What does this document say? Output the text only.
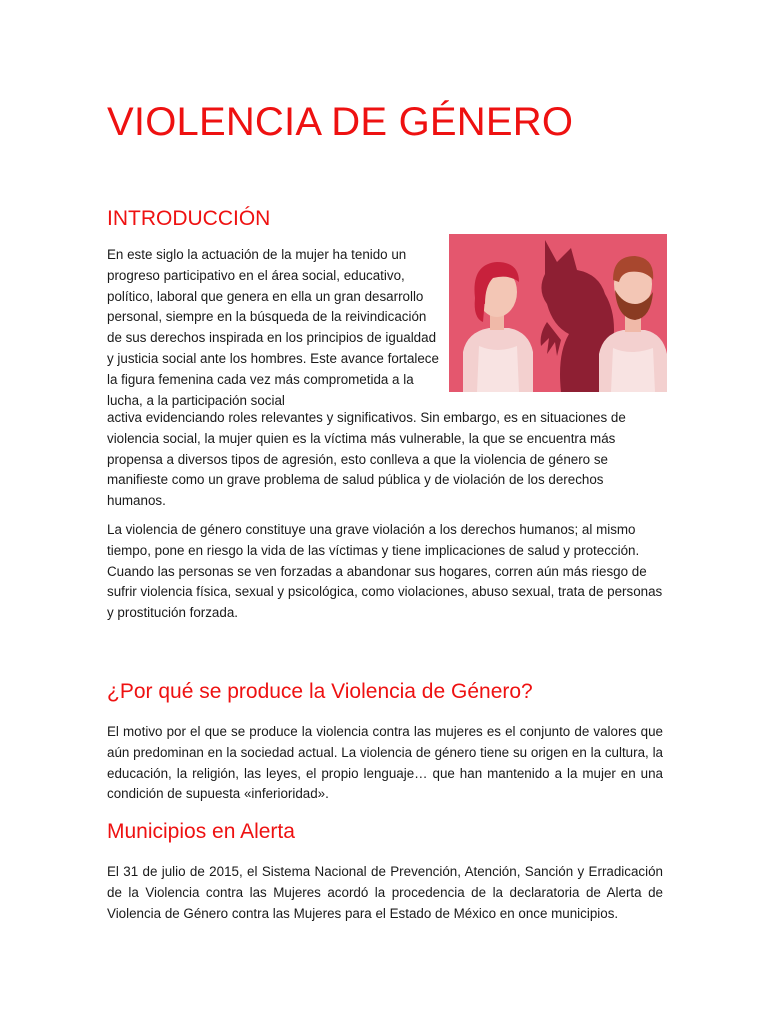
VIOLENCIA DE GÉNERO
INTRODUCCIÓN

En este siglo la actuación de la mujer ha tenido un progreso participativo en el área social, educativo, político, laboral que genera en ella un gran desarrollo personal, siempre en la búsqueda de la reivindicación de sus derechos inspirada en los principios de igualdad y justicia social ante los hombres. Este avance fortalece la figura femenina cada vez más comprometida a la lucha, a la participación social

activa evidenciando roles relevantes y significativos. Sin embargo, es en situaciones de violencia social, la mujer quien es la víctima más vulnerable, la que se encuentra más propensa a diversos tipos de agresión, esto conlleva a que la violencia de género se manifieste como un grave problema de salud pública y de violación de los derechos humanos.

La violencia de género constituye una grave violación a los derechos humanos; al mismo tiempo, pone en riesgo la vida de las víctimas y tiene implicaciones de salud y protección. Cuando las personas se ven forzadas a abandonar sus hogares, corren aún más riesgo de sufrir violencia física, sexual y psicológica, como violaciones, abuso sexual, trata de personas y prostitución forzada.

¿Por qué se produce la Violencia de Género?

El motivo por el que se produce la violencia contra las mujeres es el conjunto de valores que aún predominan en la sociedad actual. La violencia de género tiene su origen en la cultura, la educación, la religión, las leyes, el propio lenguaje… que han mantenido a la mujer en una condición de supuesta «inferioridad».

Municipios en Alerta

El 31 de julio de 2015, el Sistema Nacional de Prevención, Atención, Sanción y Erradicación de la Violencia contra las Mujeres acordó la procedencia de la declaratoria de Alerta de Violencia de Género contra las Mujeres para el Estado de México en once municipios.
